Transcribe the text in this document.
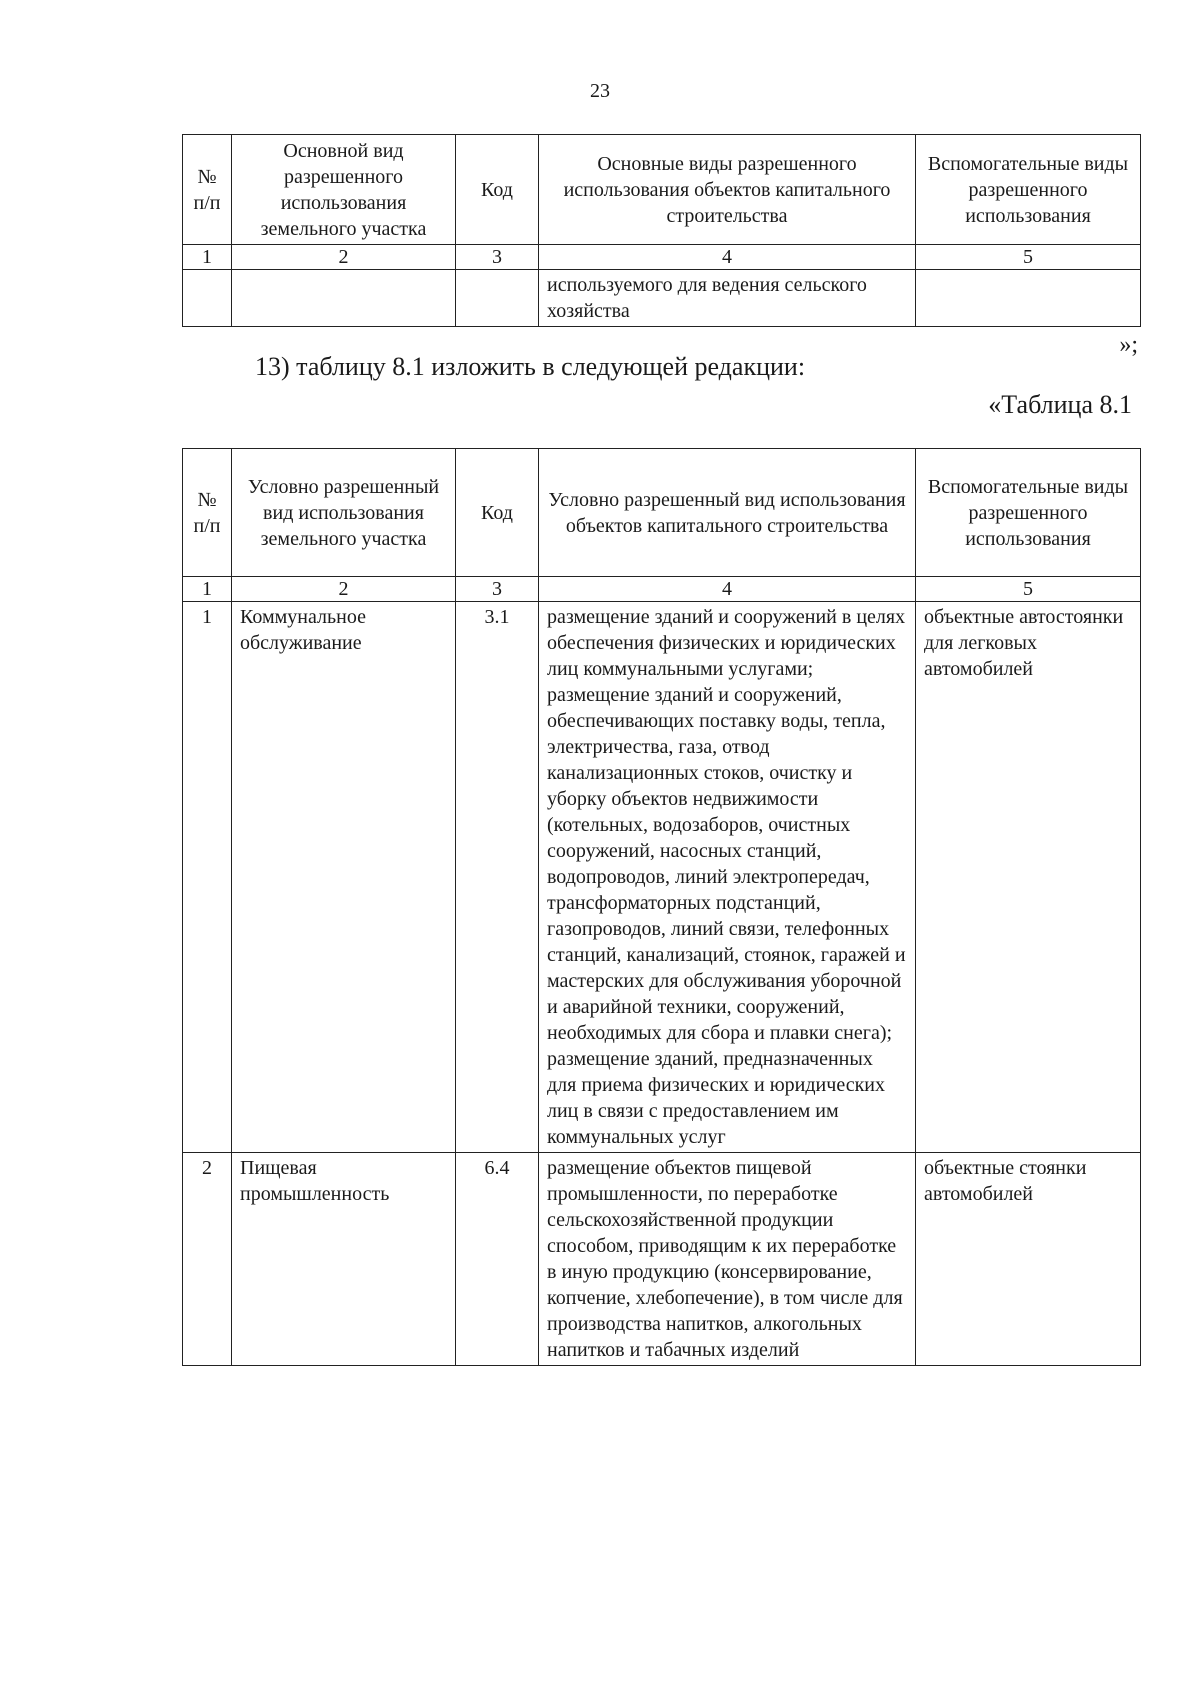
23
№ п/п	Основной вид разрешенного использования земельного участка	Код	Основные виды разрешенного использования объектов капитального строительства	Вспомогательные виды разрешенного использования
1	2	3	4	5
			используемого для ведения сельского хозяйства	
»;
13) таблицу 8.1 изложить в следующей редакции:
«Таблица 8.1
№ п/п	Условно разрешенный вид использования земельного участка	Код	Условно разрешенный вид использования объектов капитального строительства	Вспомогательные виды разрешенного использования
1	2	3	4	5
1	Коммунальное обслуживание	3.1	размещение зданий и сооружений в целях обеспечения физических и юридических лиц коммунальными услугами; размещение зданий и сооружений, обеспечивающих поставку воды, тепла, электричества, газа, отвод канализационных стоков, очистку и уборку объектов недвижимости (котельных, водозаборов, очистных сооружений, насосных станций, водопроводов, линий электропередач, трансформаторных подстанций, газопроводов, линий связи, телефонных станций, канализаций, стоянок, гаражей и мастерских для обслуживания уборочной и аварийной техники, сооружений, необходимых для сбора и плавки снега); размещение зданий, предназначенных для приема физических и юридических лиц в связи с предоставлением им коммунальных услуг	объектные автостоянки для легковых автомобилей
2	Пищевая промышленность	6.4	размещение объектов пищевой промышленности, по переработке сельскохозяйственной продукции способом, приводящим к их переработке в иную продукцию (консервирование, копчение, хлебопечение), в том числе для производства напитков, алкогольных напитков и табачных изделий	объектные стоянки автомобилей
